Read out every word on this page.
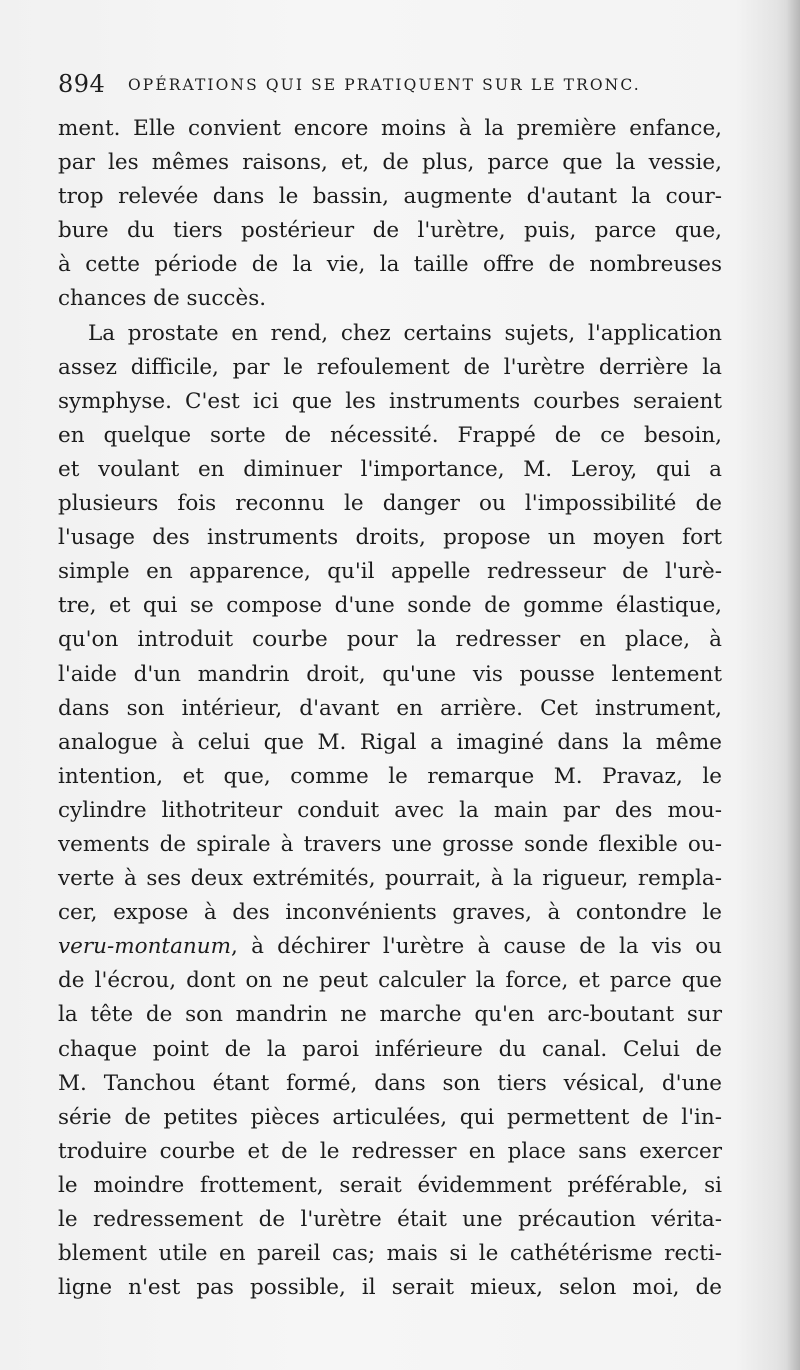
894 OPÉRATIONS QUI SE PRATIQUENT SUR LE TRONC.
ment. Elle convient encore moins à la première enfance,
par les mêmes raisons, et, de plus, parce que la vessie,
trop relevée dans le bassin, augmente d'autant la cour-
bure du tiers postérieur de l'urètre, puis, parce que,
à cette période de la vie, la taille offre de nombreuses
chances de succès.
La prostate en rend, chez certains sujets, l'application
assez difficile, par le refoulement de l'urètre derrière la
symphyse. C'est ici que les instruments courbes seraient
en quelque sorte de nécessité. Frappé de ce besoin,
et voulant en diminuer l'importance, M. Leroy, qui a
plusieurs fois reconnu le danger ou l'impossibilité de
l'usage des instruments droits, propose un moyen fort
simple en apparence, qu'il appelle redresseur de l'urè-
tre, et qui se compose d'une sonde de gomme élastique,
qu'on introduit courbe pour la redresser en place, à
l'aide d'un mandrin droit, qu'une vis pousse lentement
dans son intérieur, d'avant en arrière. Cet instrument,
analogue à celui que M. Rigal a imaginé dans la même
intention, et que, comme le remarque M. Pravaz, le
cylindre lithotriteur conduit avec la main par des mou-
vements de spirale à travers une grosse sonde flexible ou-
verte à ses deux extrémités, pourrait, à la rigueur, rempla-
cer, expose à des inconvénients graves, à contondre le
veru-montanum, à déchirer l'urètre à cause de la vis ou
de l'écrou, dont on ne peut calculer la force, et parce que
la tête de son mandrin ne marche qu'en arc-boutant sur
chaque point de la paroi inférieure du canal. Celui de
M. Tanchou étant formé, dans son tiers vésical, d'une
série de petites pièces articulées, qui permettent de l'in-
troduire courbe et de le redresser en place sans exercer
le moindre frottement, serait évidemment préférable, si
le redressement de l'urètre était une précaution vérita-
blement utile en pareil cas; mais si le cathétérisme recti-
ligne n'est pas possible, il serait mieux, selon moi, de
